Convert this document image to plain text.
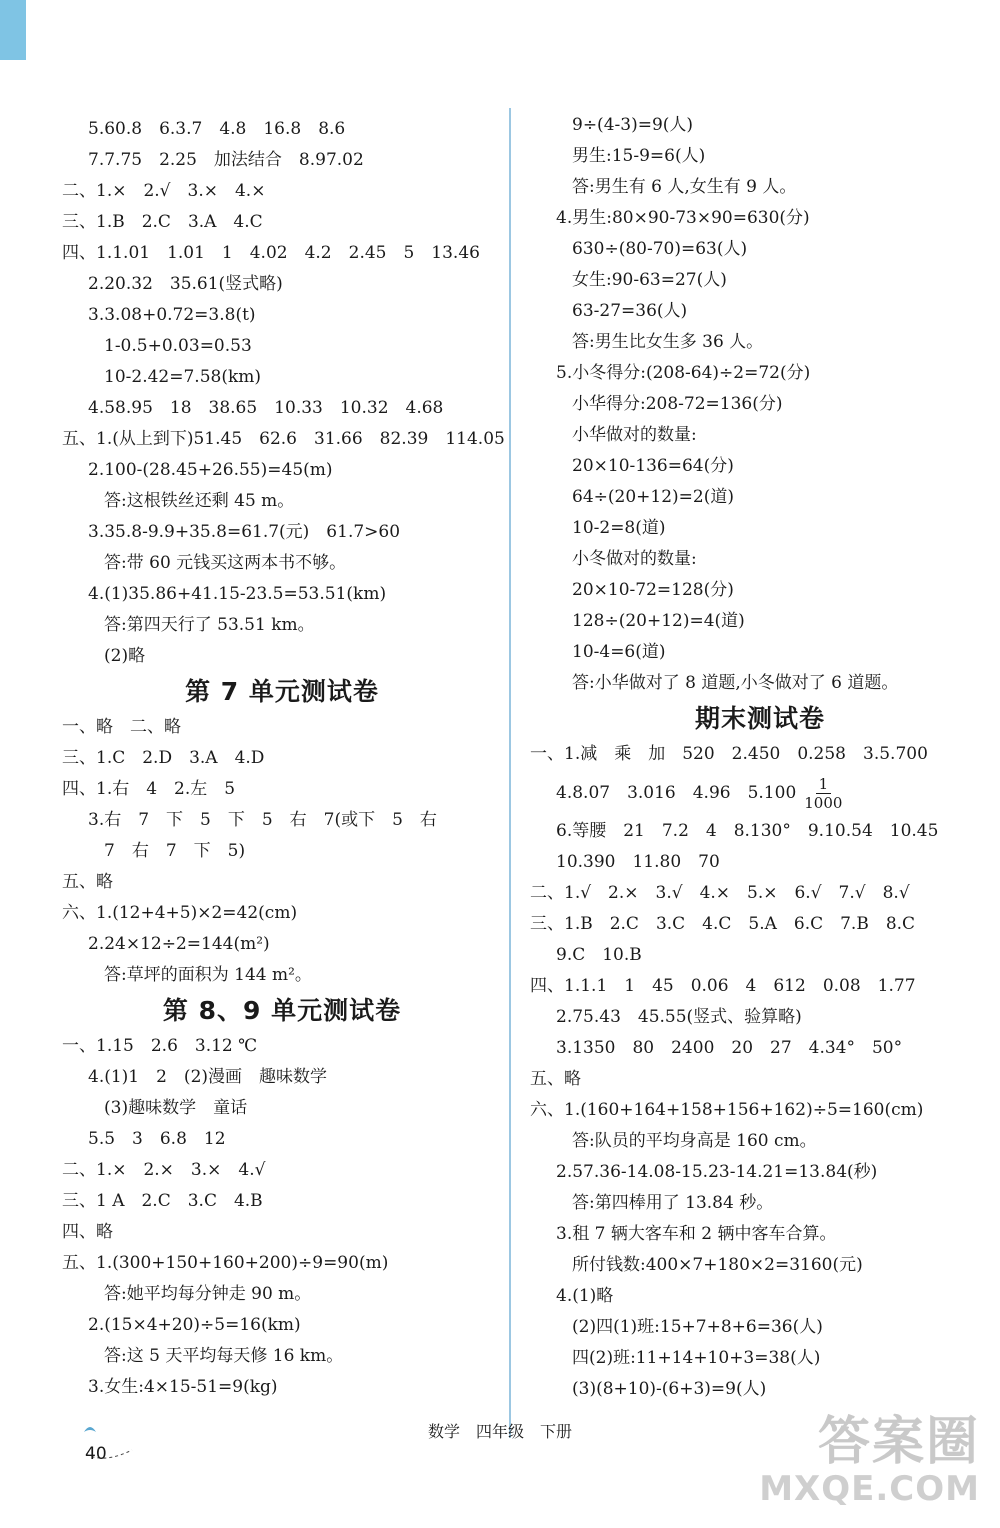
5.60.8　6.3.7　4.8　16.8　8.6
7.7.75　2.25　加法结合　8.97.02
二、1.×　2.√　3.×　4.×
三、1.B　2.C　3.A　4.C
四、1.1.01　1.01　1　4.02　4.2　2.45　5　13.46
2.20.32　35.61(竖式略)
3.3.08+0.72=3.8(t)
1-0.5+0.03=0.53
10-2.42=7.58(km)
4.58.95　18　38.65　10.33　10.32　4.68
五、1.(从上到下)51.45　62.6　31.66　82.39　114.05
2.100-(28.45+26.55)=45(m)
答:这根铁丝还剩 45 m。
3.35.8-9.9+35.8=61.7(元)　61.7>60
答:带 60 元钱买这两本书不够。
4.(1)35.86+41.15-23.5=53.51(km)
答:第四天行了 53.51 km。
(2)略
第 7 单元测试卷
一、略　二、略
三、1.C　2.D　3.A　4.D
四、1.右　4　2.左　5
3.右　7　下　5　下　5　右　7(或下　5　右
7　右　7　下　5)
五、略
六、1.(12+4+5)×2=42(cm)
2.24×12÷2=144(m²)
答:草坪的面积为 144 m²。
第 8、9 单元测试卷
一、1.15　2.6　3.12 ℃
4.(1)1　2　(2)漫画　趣味数学
(3)趣味数学　童话
5.5　3　6.8　12
二、1.×　2.×　3.×　4.√
三、1 A　2.C　3.C　4.B
四、略
五、1.(300+150+160+200)÷9=90(m)
答:她平均每分钟走 90 m。
2.(15×4+20)÷5=16(km)
答:这 5 天平均每天修 16 km。
3.女生:4×15-51=9(kg)
9÷(4-3)=9(人)
男生:15-9=6(人)
答:男生有 6 人,女生有 9 人。
4.男生:80×90-73×90=630(分)
630÷(80-70)=63(人)
女生:90-63=27(人)
63-27=36(人)
答:男生比女生多 36 人。
5.小冬得分:(208-64)÷2=72(分)
小华得分:208-72=136(分)
小华做对的数量:
20×10-136=64(分)
64÷(20+12)=2(道)
10-2=8(道)
小冬做对的数量:
20×10-72=128(分)
128÷(20+12)=4(道)
10-4=6(道)
答:小华做对了 8 道题,小冬做对了 6 道题。
期末测试卷
一、1.减　乘　加　520　2.450　0.258　3.5.700
4.8.07　3.016　4.96　$5.100 \frac{1}{1000}$
6.等腰　21　7.2　4　8.130°　9.10.54　10.45
10.390　11.80　70
二、1.√　2.×　3.√　4.×　5.×　6.√　7.√　8.√
三、1.B　2.C　3.C　4.C　5.A　6.C　7.B　8.C
9.C　10.B
四、1.1.1　1　45　0.06　4　612　0.08　1.77
2.75.43　45.55(竖式、验算略)
3.1350　80　2400　20　27　4.34°　50°
五、略
六、1.(160+164+158+156+162)÷5=160(cm)
答:队员的平均身高是 160 cm。
2.57.36-14.08-15.23-14.21=13.84(秒)
答:第四棒用了 13.84 秒。
3.租 7 辆大客车和 2 辆中客车合算。
所付钱数:400×7+180×2=3160(元)
4.(1)略
(2)四(1)班:15+7+8+6=36(人)
四(2)班:11+14+10+3=38(人)
(3)(8+10)-(6+3)=9(人)
数学　四年级　下册
40	答案圈
MXQE.COM
